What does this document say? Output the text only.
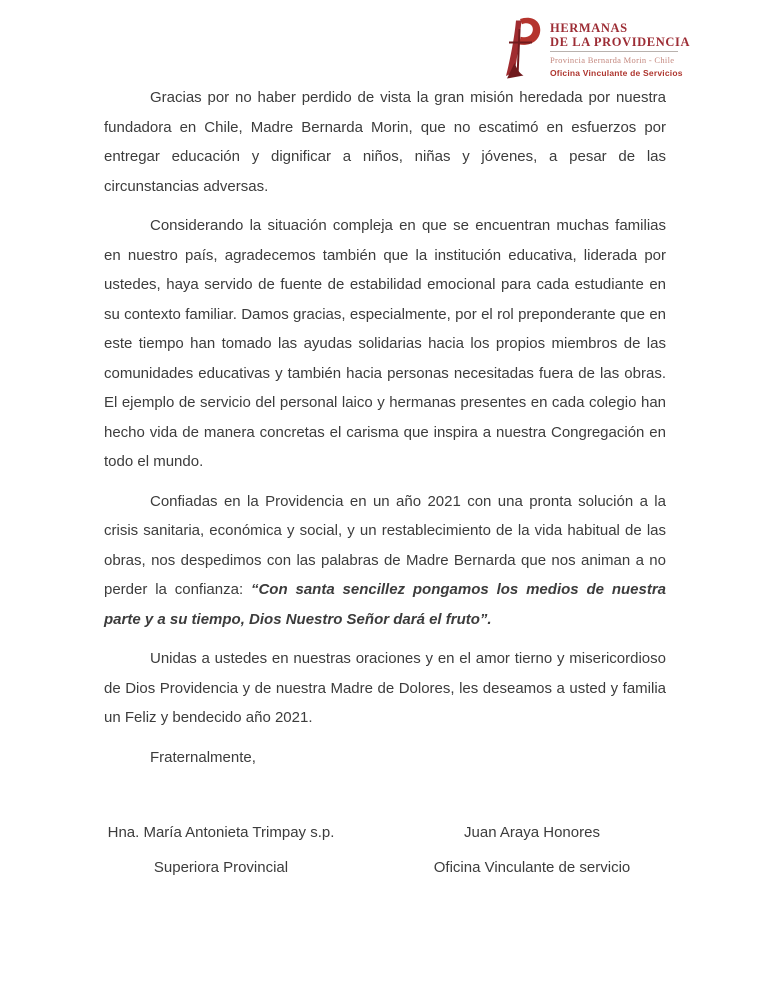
HERMANAS
DE LA PROVIDENCIA
Provincia Bernarda Morin - Chile
Oficina Vinculante de Servicios

Gracias por no haber perdido de vista la gran misión heredada por nuestra fundadora en Chile, Madre Bernarda Morin, que no escatimó en esfuerzos por entregar educación y dignificar a niños, niñas y jóvenes, a pesar de las circunstancias adversas.

Considerando la situación compleja en que se encuentran muchas familias en nuestro país, agradecemos también que la institución educativa, liderada por ustedes, haya servido de fuente de estabilidad emocional para cada estudiante en su contexto familiar. Damos gracias, especialmente, por el rol preponderante que en este tiempo han tomado las ayudas solidarias hacia los propios miembros de las comunidades educativas y también hacia personas necesitadas fuera de las obras. El ejemplo de servicio del personal laico y hermanas presentes en cada colegio han hecho vida de manera concretas el carisma que inspira a nuestra Congregación en todo el mundo.

Confiadas en la Providencia en un año 2021 con una pronta solución a la crisis sanitaria, económica y social, y un restablecimiento de la vida habitual de las obras, nos despedimos con las palabras de Madre Bernarda que nos animan a no perder la confianza: “Con santa sencillez pongamos los medios de nuestra parte y a su tiempo, Dios Nuestro Señor dará el fruto”.

Unidas a ustedes en nuestras oraciones y en el amor tierno y misericordioso de Dios Providencia y de nuestra Madre de Dolores, les deseamos a usted y familia un Feliz y bendecido año 2021.

Fraternalmente,

Hna. María Antonieta Trimpay s.p.
Superiora Provincial
Juan Araya Honores
Oficina Vinculante de servicio
